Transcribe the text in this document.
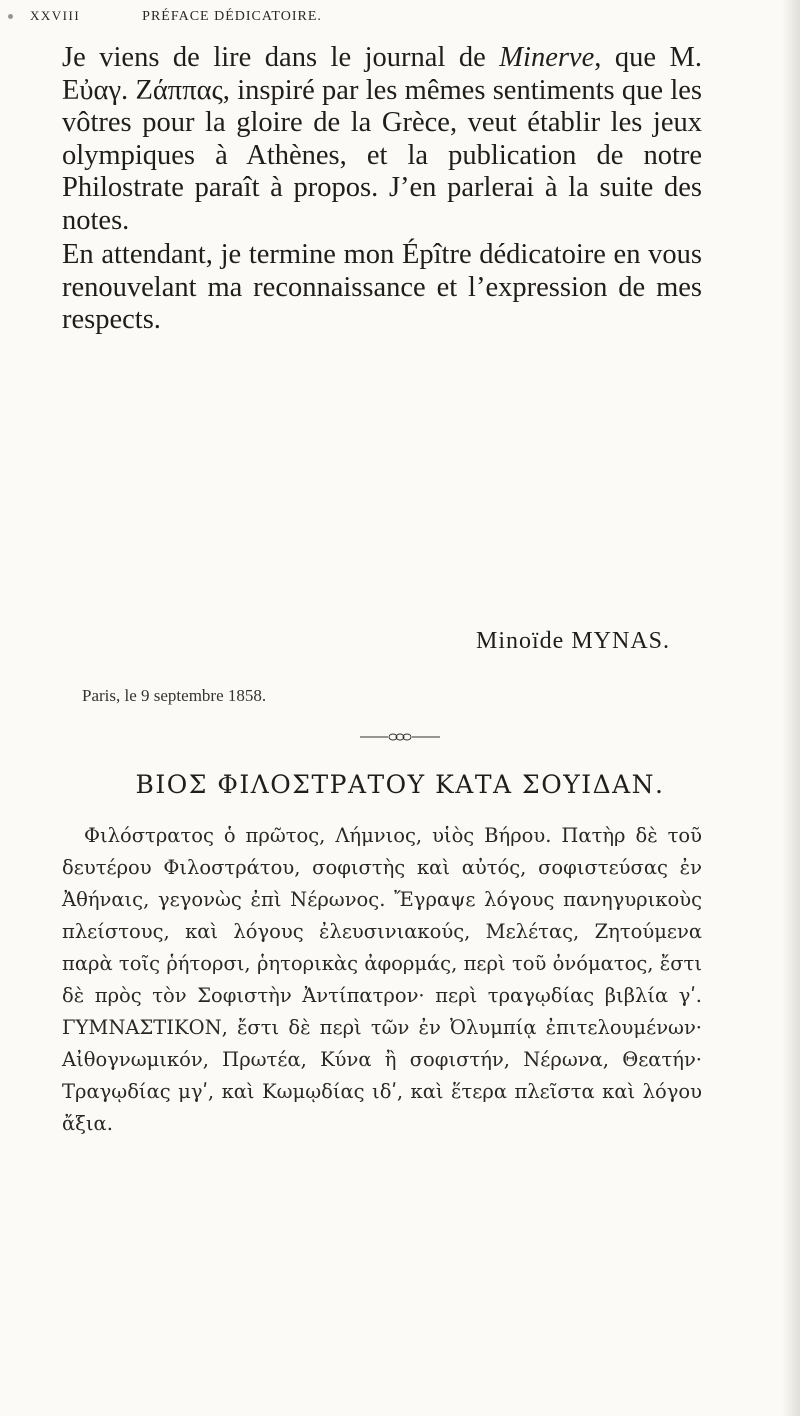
XXVIII	PRÉFACE DÉDICATOIRE.

Je viens de lire dans le journal de Minerve, que M. Εὐαγ. Ζάππας, inspiré par les mêmes sentiments que les vôtres pour la gloire de la Grèce, veut établir les jeux olympiques à Athènes, et la publication de notre Philostrate paraît à propos. J’en parlerai à la suite des notes.

En attendant, je termine mon Épître dédicatoire en vous renouvelant ma reconnaissance et l’expression de mes respects.

Minoïde MYNAS.
Paris, le 9 septembre 1858.
ΒΙΟΣ ΦΙΛΟΣΤΡΑΤΟΥ ΚΑΤΑ ΣΟΥΙΔΑΝ.

Φιλόστρατος ὁ πρῶτος, Λήμνιος, υἱὸς Βήρου. Πατὴρ δὲ τοῦ δευτέρου Φιλοστράτου, σοφιστὴς καὶ αὐτός, σοφιστεύσας ἐν Ἀθήναις, γεγονὼς ἐπὶ Νέρωνος. Ἔγραψε λόγους πανηγυρικοὺς πλείστους, καὶ λόγους ἐλευσινιακούς, Μελέτας, Ζητούμενα παρὰ τοῖς ῥήτορσι, ῥητορικὰς ἀφορμάς, περὶ τοῦ ὀνόματος, ἔστι δὲ πρὸς τὸν Σοφιστὴν Ἀντίπατρον· περὶ τραγῳδίας βιβλία γʹ. ΓΥΜΝΑΣΤΙΚΟΝ, ἔστι δὲ περὶ τῶν ἐν Ὀλυμπίᾳ ἐπιτελουμένων· Αἰθογνωμικόν, Πρωτέα, Κύνα ἢ σοφιστήν, Νέρωνα, Θεατήν· Τραγῳδίας μγʹ, καὶ Κωμῳδίας ιδʹ, καὶ ἕτερα πλεῖστα καὶ λόγου ἄξια.
